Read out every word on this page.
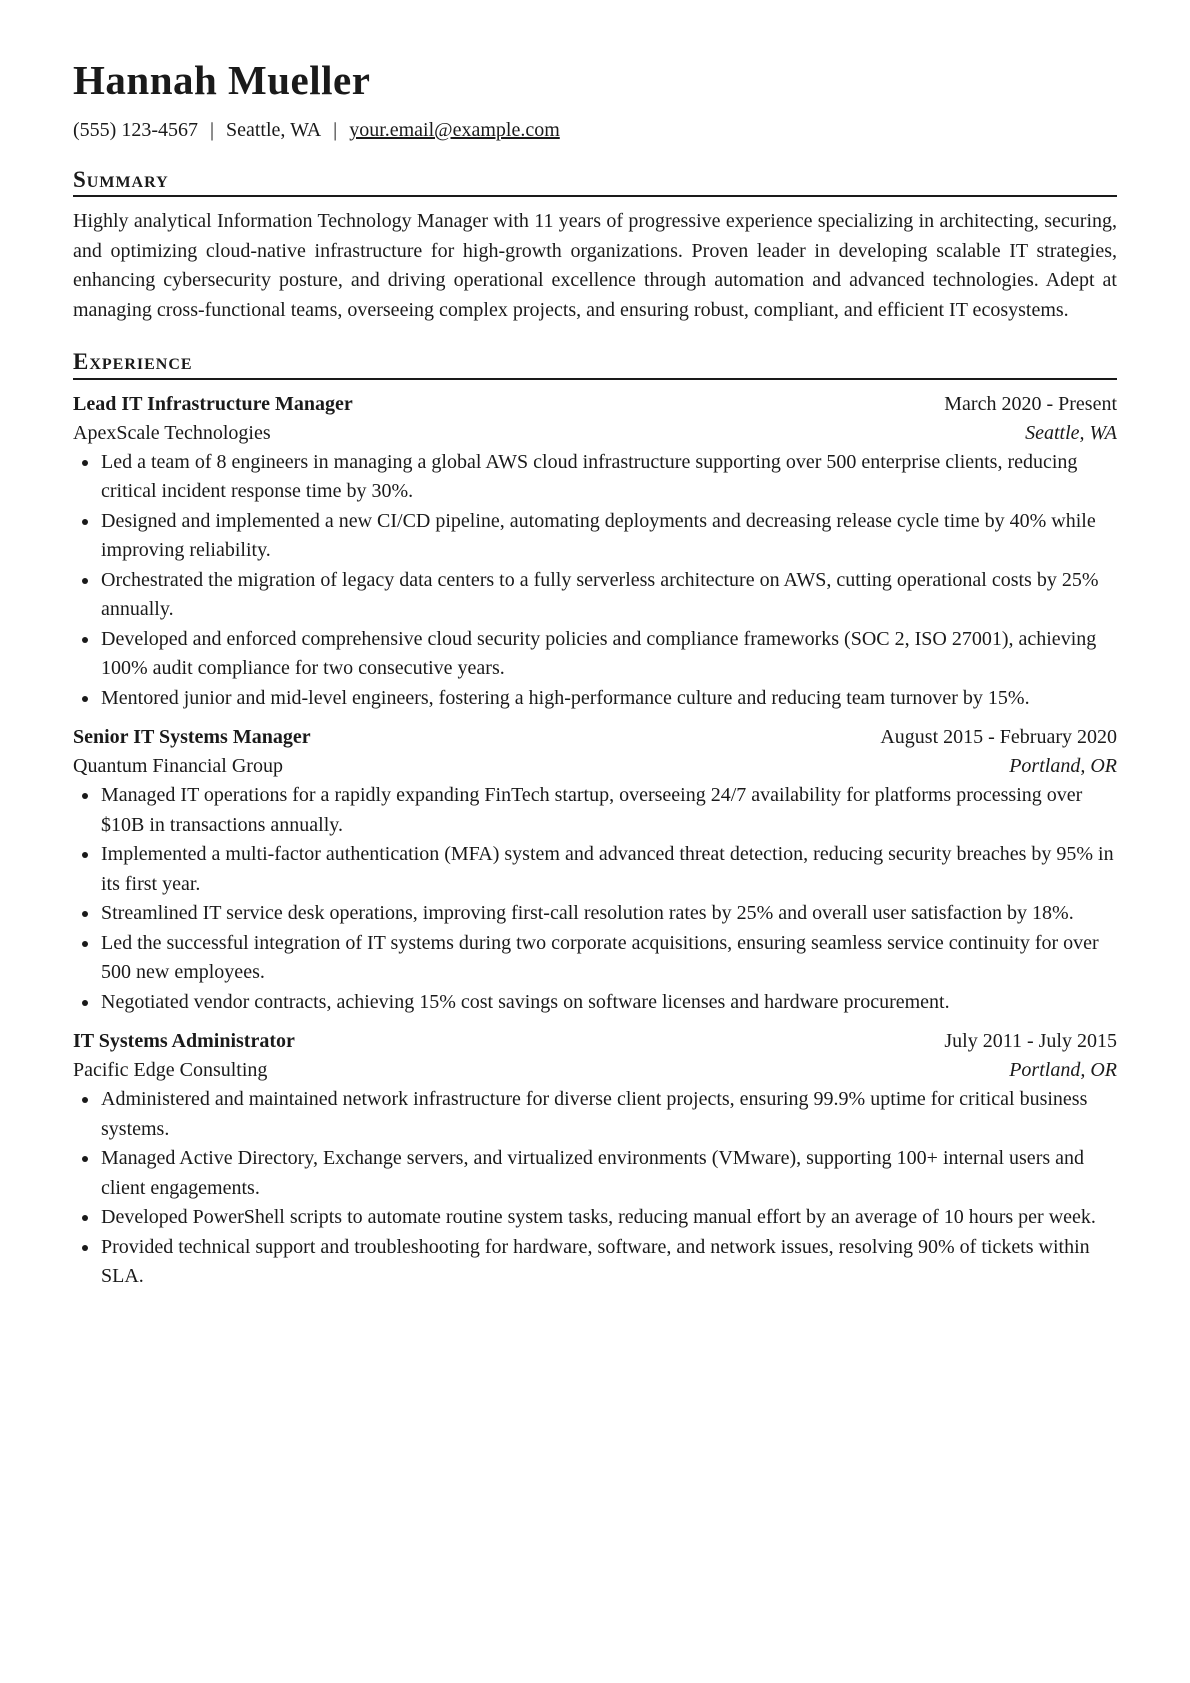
Hannah Mueller
(555) 123-4567 | Seattle, WA | your.email@example.com
Summary
Highly analytical Information Technology Manager with 11 years of progressive experience specializing in architecting, securing, and optimizing cloud-native infrastructure for high-growth organizations. Proven leader in developing scalable IT strategies, enhancing cybersecurity posture, and driving operational excellence through automation and advanced technologies. Adept at managing cross-functional teams, overseeing complex projects, and ensuring robust, compliant, and efficient IT ecosystems.
Experience
Lead IT Infrastructure Manager	March 2020 - Present
ApexScale Technologies	Seattle, WA
Led a team of 8 engineers in managing a global AWS cloud infrastructure supporting over 500 enterprise clients, reducing critical incident response time by 30%.
Designed and implemented a new CI/CD pipeline, automating deployments and decreasing release cycle time by 40% while improving reliability.
Orchestrated the migration of legacy data centers to a fully serverless architecture on AWS, cutting operational costs by 25% annually.
Developed and enforced comprehensive cloud security policies and compliance frameworks (SOC 2, ISO 27001), achieving 100% audit compliance for two consecutive years.
Mentored junior and mid-level engineers, fostering a high-performance culture and reducing team turnover by 15%.
Senior IT Systems Manager	August 2015 - February 2020
Quantum Financial Group	Portland, OR
Managed IT operations for a rapidly expanding FinTech startup, overseeing 24/7 availability for platforms processing over $10B in transactions annually.
Implemented a multi-factor authentication (MFA) system and advanced threat detection, reducing security breaches by 95% in its first year.
Streamlined IT service desk operations, improving first-call resolution rates by 25% and overall user satisfaction by 18%.
Led the successful integration of IT systems during two corporate acquisitions, ensuring seamless service continuity for over 500 new employees.
Negotiated vendor contracts, achieving 15% cost savings on software licenses and hardware procurement.
IT Systems Administrator	July 2011 - July 2015
Pacific Edge Consulting	Portland, OR
Administered and maintained network infrastructure for diverse client projects, ensuring 99.9% uptime for critical business systems.
Managed Active Directory, Exchange servers, and virtualized environments (VMware), supporting 100+ internal users and client engagements.
Developed PowerShell scripts to automate routine system tasks, reducing manual effort by an average of 10 hours per week.
Provided technical support and troubleshooting for hardware, software, and network issues, resolving 90% of tickets within SLA.
